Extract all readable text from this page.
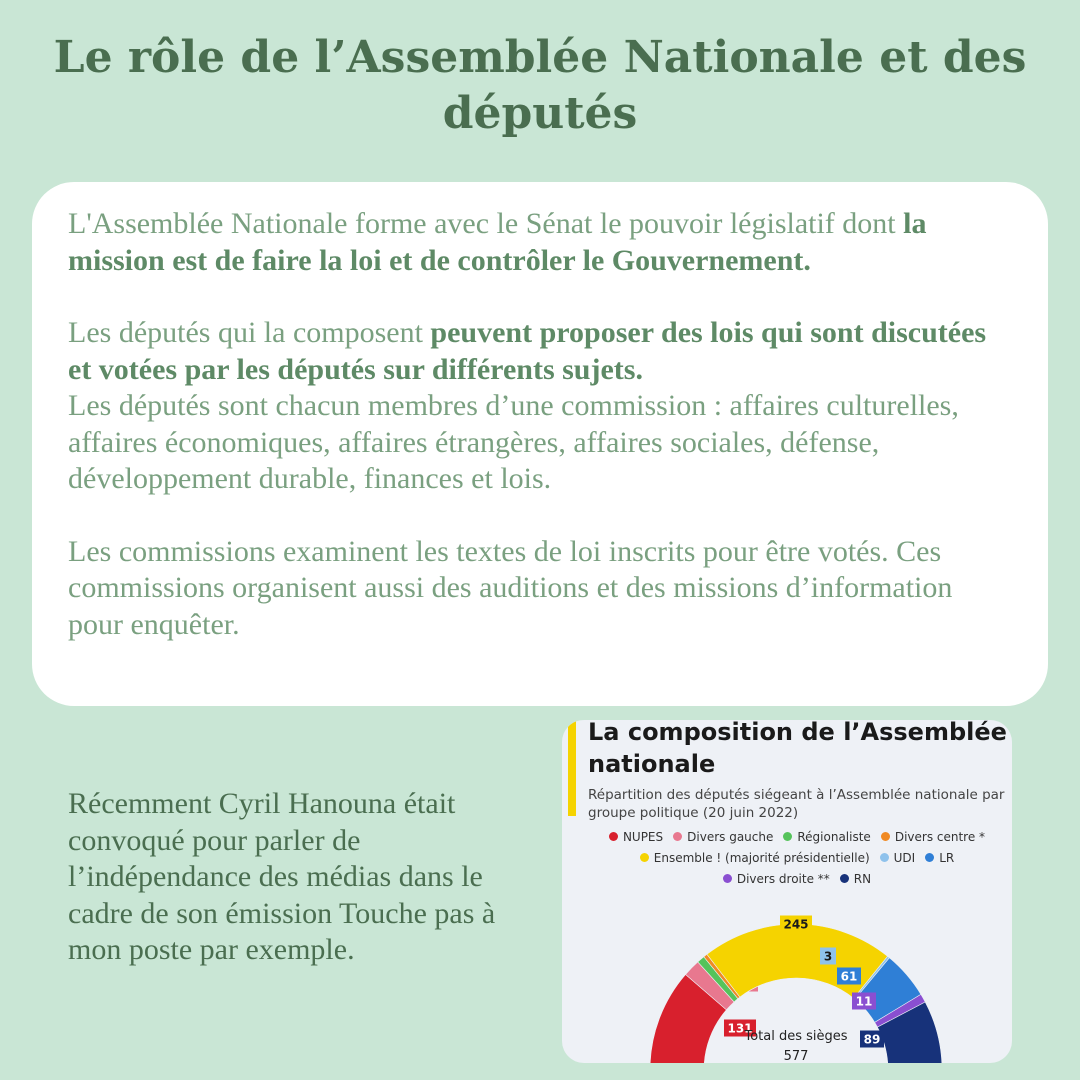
Le rôle de l’Assemblée Nationale et des députés

L'Assemblée Nationale forme avec le Sénat le pouvoir législatif dont la mission est de faire la loi et de contrôler le Gouvernement.

Les députés qui la composent peuvent proposer des lois qui sont discutées et votées par les députés sur différents sujets.
Les députés sont chacun membres d’une commission : affaires culturelles, affaires économiques, affaires étrangères, affaires sociales, défense, développement durable, finances et lois.

Les commissions examinent les textes de loi inscrits pour être votés. Ces commissions organisent aussi des auditions et des missions d’information pour enquêter.

Récemment Cyril Hanouna était convoqué pour parler de l’indépendance des médias dans le cadre de son émission Touche pas à mon poste par exemple.
La composition de l’Assemblée nationale
Répartition des députés siégeant à l’Assemblée nationale par groupe politique (20 juin 2022)
NUPES Divers gauche Régionaliste Divers centre *
Ensemble ! (majorité présidentielle) UDI LR
Divers droite ** RN
131
245
3
61
11
89
Total des sièges
577
